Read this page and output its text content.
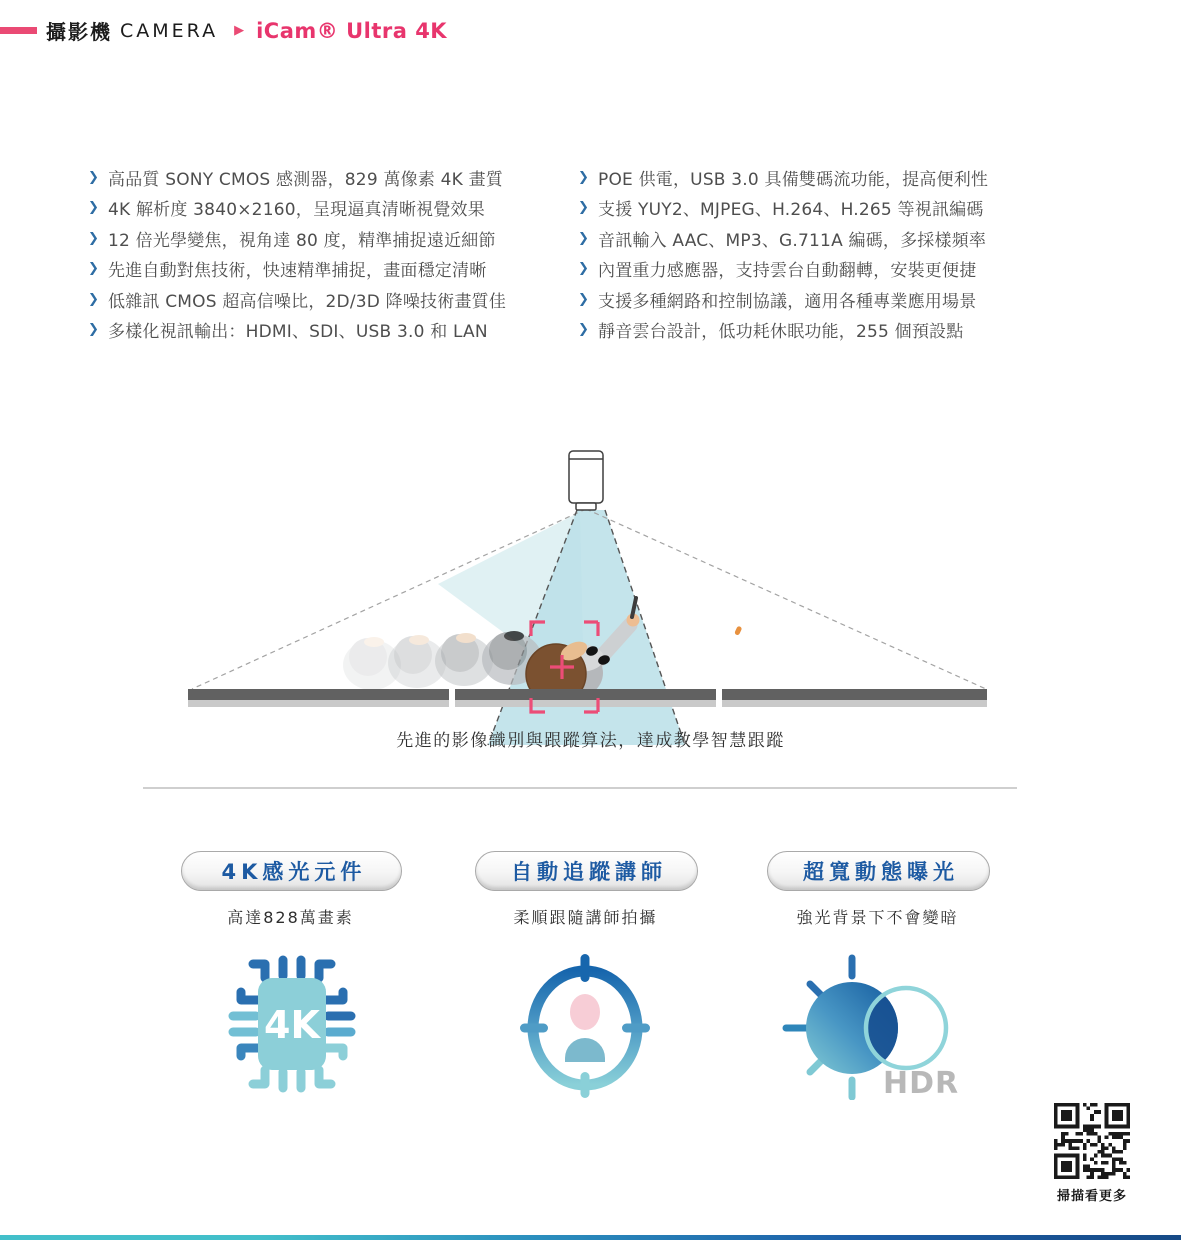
攝影機 CAMERA ▶ iCam® Ultra 4K
❯ 高品質 SONY CMOS 感測器，829 萬像素 4K 畫質
❯ 4K 解析度 3840×2160，呈現逼真清晰視覺效果
❯ 12 倍光學變焦，視角達 80 度，精準捕捉遠近細節
❯ 先進自動對焦技術，快速精準捕捉，畫面穩定清晰
❯ 低雜訊 CMOS 超高信噪比，2D/3D 降噪技術畫質佳
❯ 多樣化視訊輸出：HDMI、SDI、USB 3.0 和 LAN
❯ POE 供電，USB 3.0 具備雙碼流功能，提高便利性
❯ 支援 YUY2、MJPEG、H.264、H.265 等視訊編碼
❯ 音訊輸入 AAC、MP3、G.711A 編碼，多採樣頻率
❯ 內置重力感應器，支持雲台自動翻轉，安裝更便捷
❯ 支援多種網路和控制協議，適用各種專業應用場景
❯ 靜音雲台設計，低功耗休眠功能，255 個預設點
先進的影像識別與跟蹤算法，達成教學智慧跟蹤
4K感光元件	自動追蹤講師	超寬動態曝光
高達828萬畫素	柔順跟隨講師拍攝	強光背景下不會變暗
4K
HDR
掃描看更多
